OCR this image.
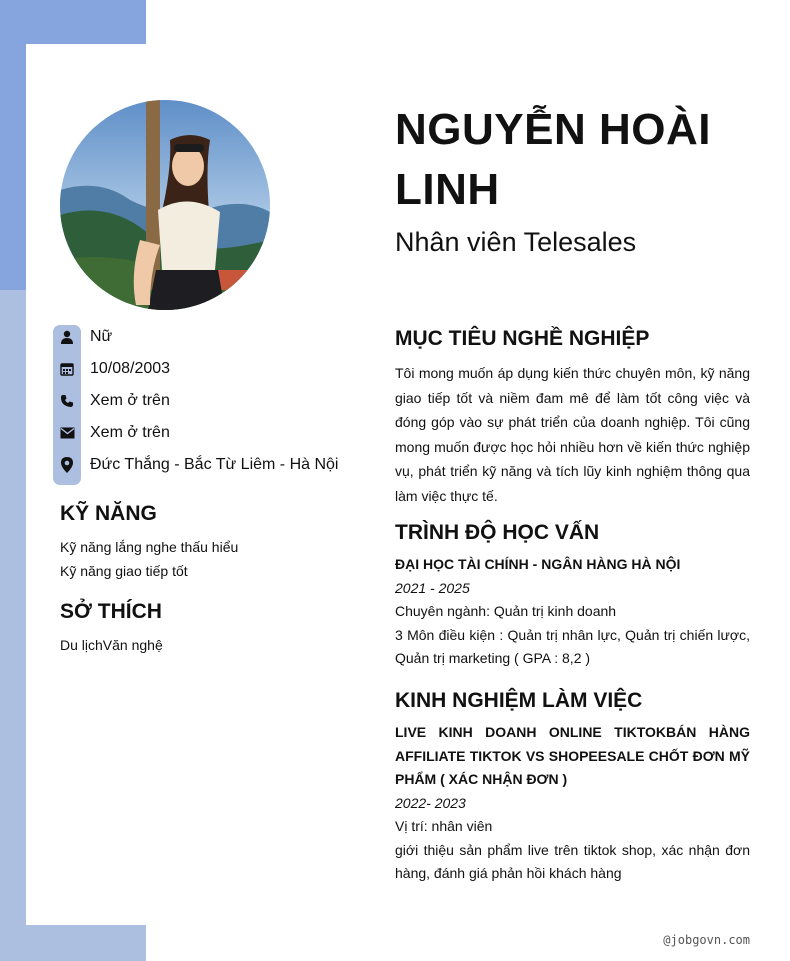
NGUYỄN HOÀI LINH
Nhân viên Telesales
Nữ
10/08/2003
Xem ở trên
Xem ở trên
Đức Thắng - Bắc Từ Liêm - Hà Nội
KỸ NĂNG
Kỹ năng lắng nghe thấu hiểu
Kỹ năng giao tiếp tốt
SỞ THÍCH
Du lịchVăn nghệ
MỤC TIÊU NGHỀ NGHIỆP

Tôi mong muốn áp dụng kiến thức chuyên môn, kỹ năng giao tiếp tốt và niềm đam mê để làm tốt công việc và đóng góp vào sự phát triển của doanh nghiệp. Tôi cũng mong muốn được học hỏi nhiều hơn về kiến thức nghiệp vụ, phát triển kỹ năng và tích lũy kinh nghiệm thông qua làm việc thực tế.

TRÌNH ĐỘ HỌC VẤN

ĐẠI HỌC TÀI CHÍNH - NGÂN HÀNG HÀ NỘI

2021 - 2025

Chuyên ngành: Quản trị kinh doanh

3 Môn điều kiện : Quản trị nhân lực, Quản trị chiến lược, Quản trị marketing ( GPA : 8,2 )

KINH NGHIỆM LÀM VIỆC

LIVE KINH DOANH ONLINE TIKTOKBÁN HÀNG AFFILIATE TIKTOK VS SHOPEESALE CHỐT ĐƠN MỸ PHẨM ( XÁC NHẬN ĐƠN )

2022- 2023

Vị trí: nhân viên

giới thiệu sản phẩm live trên tiktok shop, xác nhận đơn hàng, đánh giá phản hồi khách hàng

@jobgovn.com
